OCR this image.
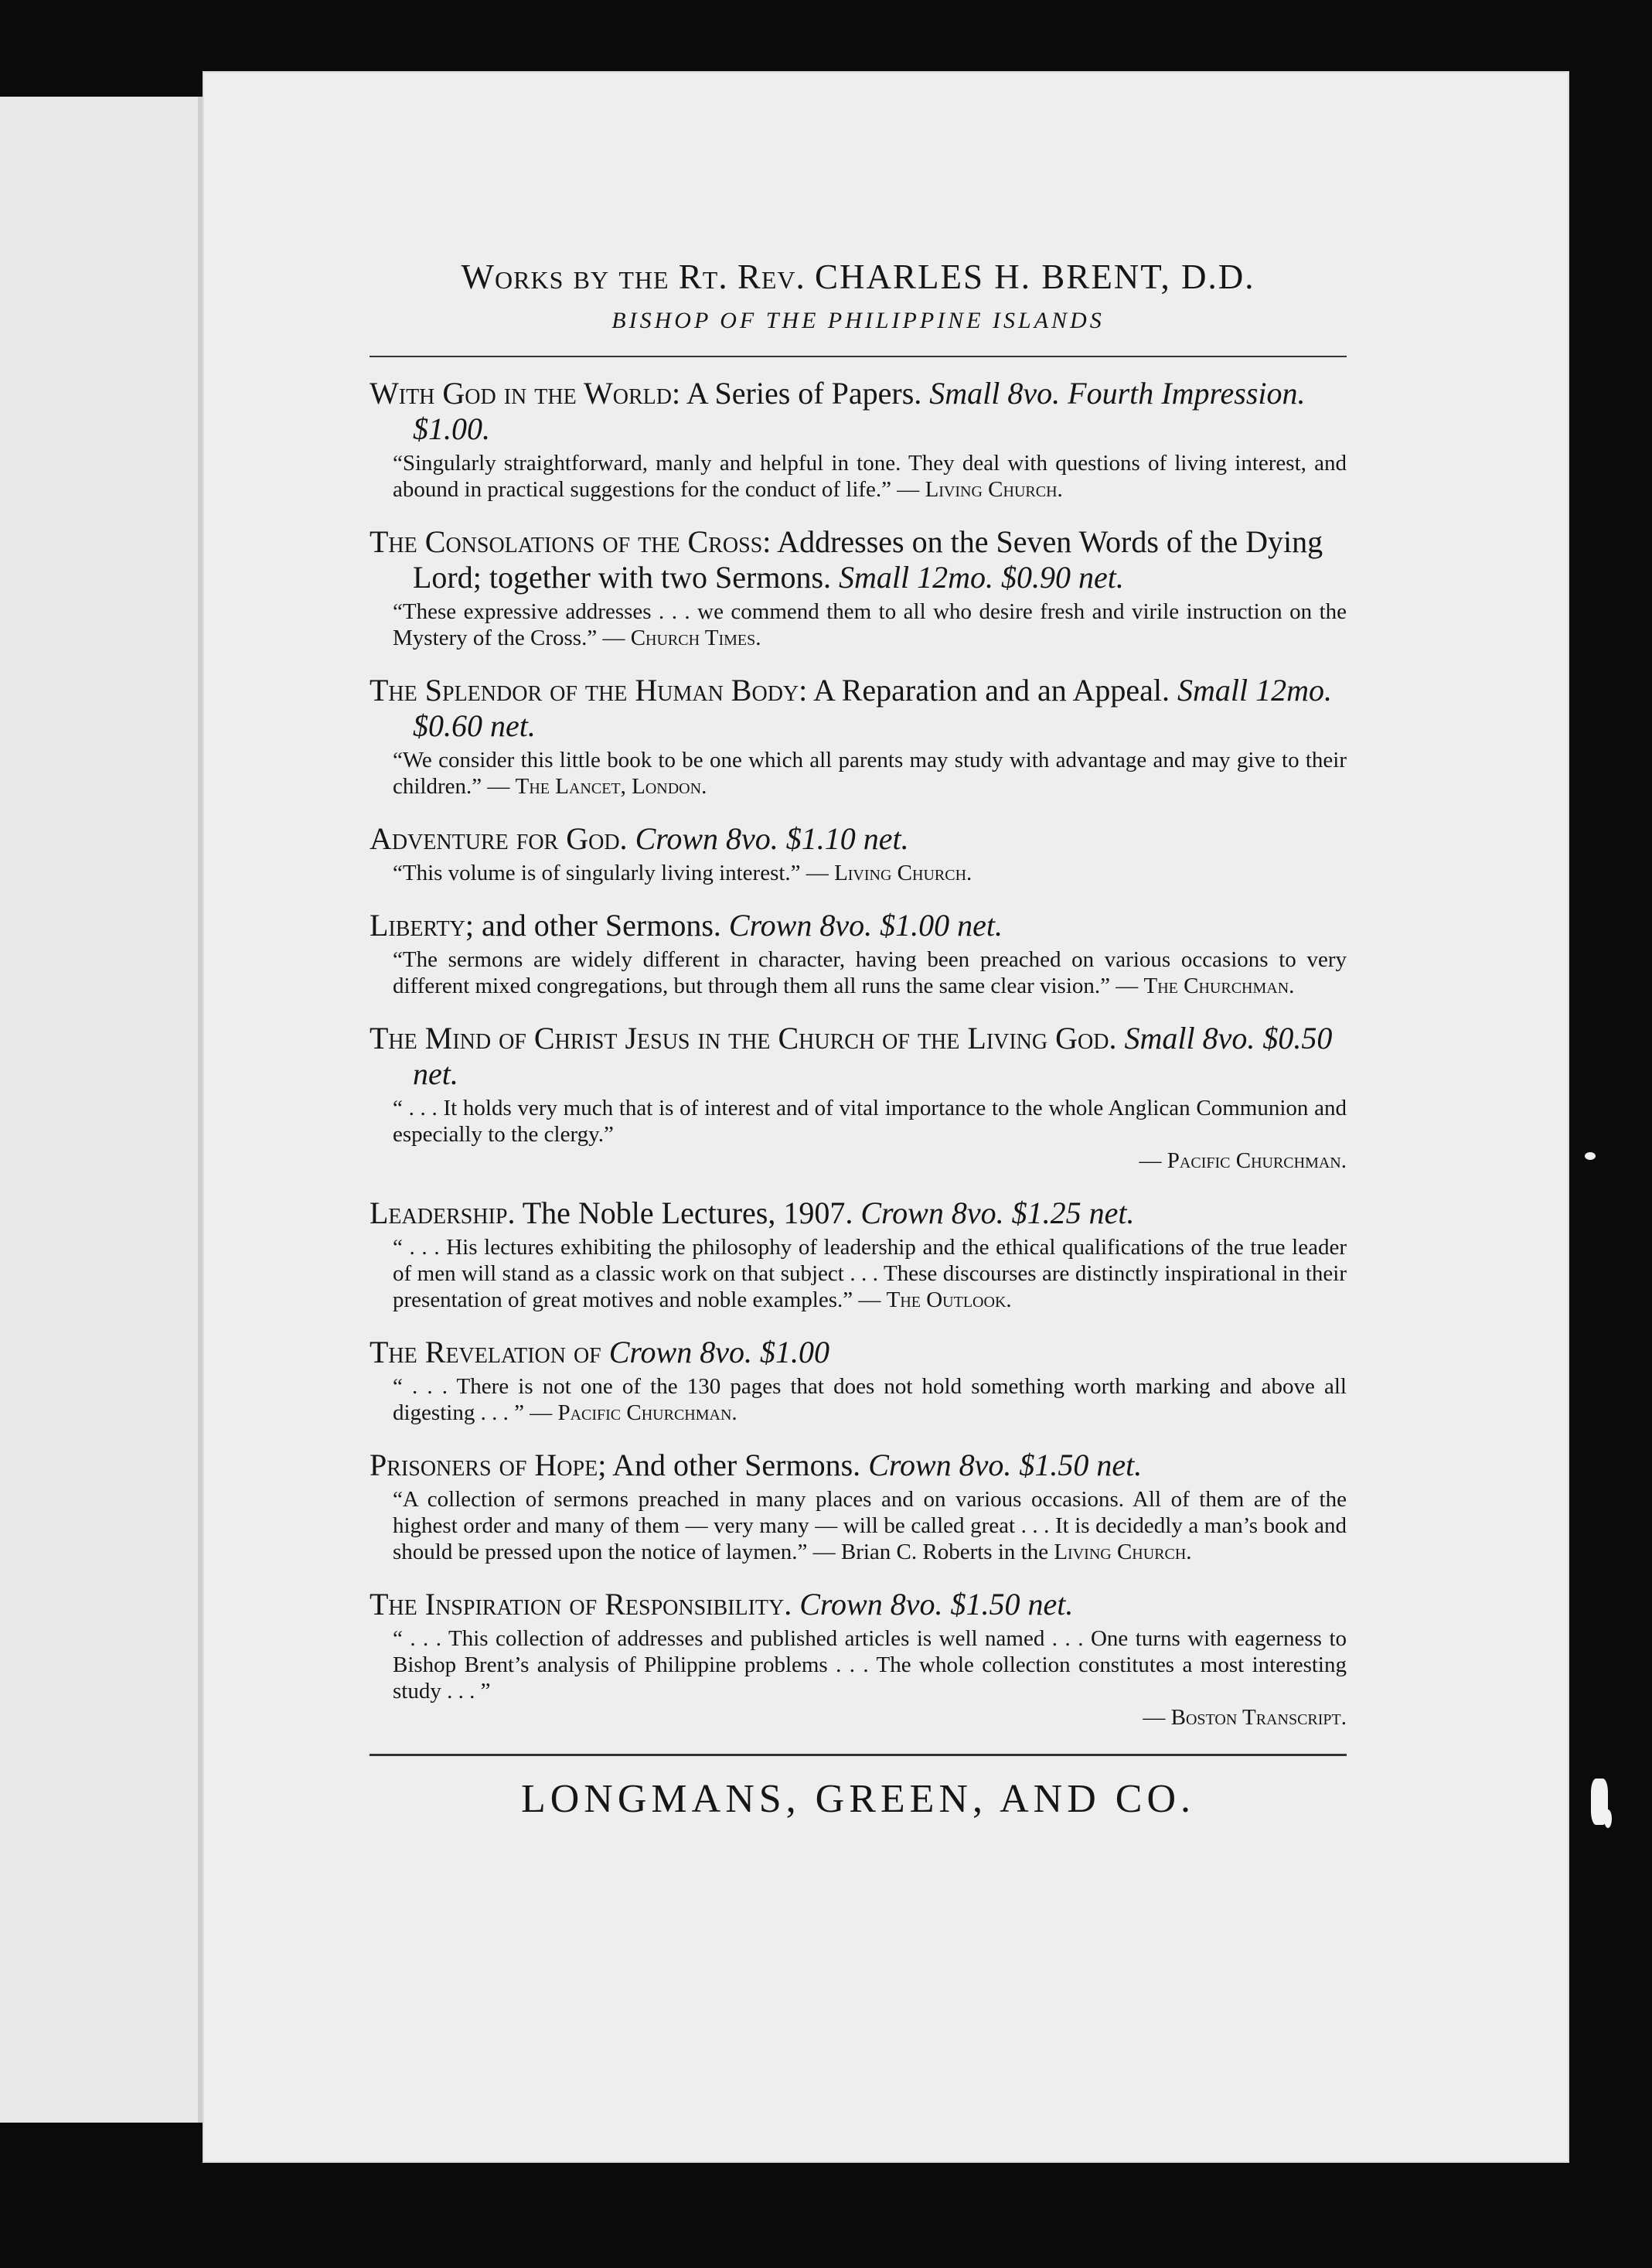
Works by the Rt. Rev. CHARLES H. BRENT, D.D.
BISHOP OF THE PHILIPPINE ISLANDS
With God in the World: A Series of Papers. Small 8vo. Fourth Impression. $1.00.
“Singularly straightforward, manly and helpful in tone. They deal with questions of living interest, and abound in practical suggestions for the conduct of life.” — Living Church.
The Consolations of the Cross: Addresses on the Seven Words of the Dying Lord; together with two Sermons. Small 12mo. $0.90 net.
“These expressive addresses . . . we commend them to all who desire fresh and virile instruction on the Mystery of the Cross.” — Church Times.
The Splendor of the Human Body: A Reparation and an Appeal. Small 12mo. $0.60 net.
“We consider this little book to be one which all parents may study with advantage and may give to their children.” — The Lancet, London.
Adventure for God. Crown 8vo. $1.10 net.
“This volume is of singularly living interest.” — Living Church.
Liberty; and other Sermons. Crown 8vo. $1.00 net.
“The sermons are widely different in character, having been preached on various occasions to very different mixed congregations, but through them all runs the same clear vision.” — The Churchman.
The Mind of Christ Jesus in the Church of the Living God. Small 8vo. $0.50 net.
“ . . . It holds very much that is of interest and of vital importance to the whole Anglican Communion and especially to the clergy.”
— Pacific Churchman.
Leadership. The Noble Lectures, 1907. Crown 8vo. $1.25 net.
“ . . . His lectures exhibiting the philosophy of leadership and the ethical qualifications of the true leader of men will stand as a classic work on that subject . . . These discourses are distinctly inspirational in their presentation of great motives and noble examples.” — The Outlook.
The Revelation of Crown 8vo. $1.00
“ . . . There is not one of the 130 pages that does not hold something worth marking and above all digesting . . . ” — Pacific Churchman.
Prisoners of Hope; And other Sermons. Crown 8vo. $1.50 net.
“A collection of sermons preached in many places and on various occasions. All of them are of the highest order and many of them — very many — will be called great . . . It is decidedly a man’s book and should be pressed upon the notice of laymen.” — Brian C. Roberts in the Living Church.
The Inspiration of Responsibility. Crown 8vo. $1.50 net.
“ . . . This collection of addresses and published articles is well named . . . One turns with eagerness to Bishop Brent’s analysis of Philippine problems . . . The whole collection constitutes a most interesting study . . . ”
— Boston Transcript.
LONGMANS, GREEN, AND CO.
